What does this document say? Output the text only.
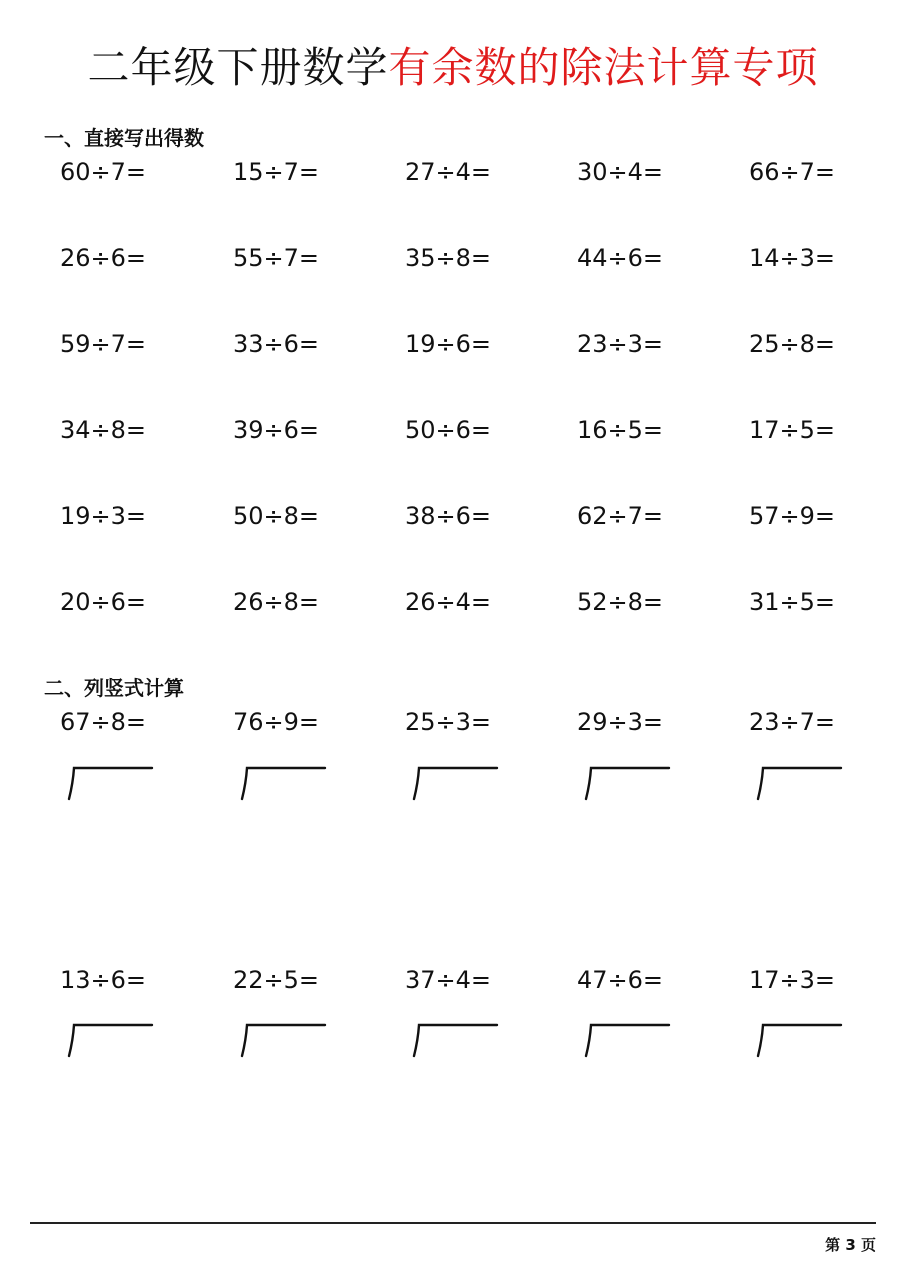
二年级下册数学有余数的除法计算专项
一、直接写出得数
60÷7=	15÷7=	27÷4=	30÷4=	66÷7=
26÷6=	55÷7=	35÷8=	44÷6=	14÷3=
59÷7=	33÷6=	19÷6=	23÷3=	25÷8=
34÷8=	39÷6=	50÷6=	16÷5=	17÷5=
19÷3=	50÷8=	38÷6=	62÷7=	57÷9=
20÷6=	26÷8=	26÷4=	52÷8=	31÷5=
二、列竖式计算
67÷8=	76÷9=	25÷3=	29÷3=	23÷7=
13÷6=	22÷5=	37÷4=	47÷6=	17÷3=
第 3 页
